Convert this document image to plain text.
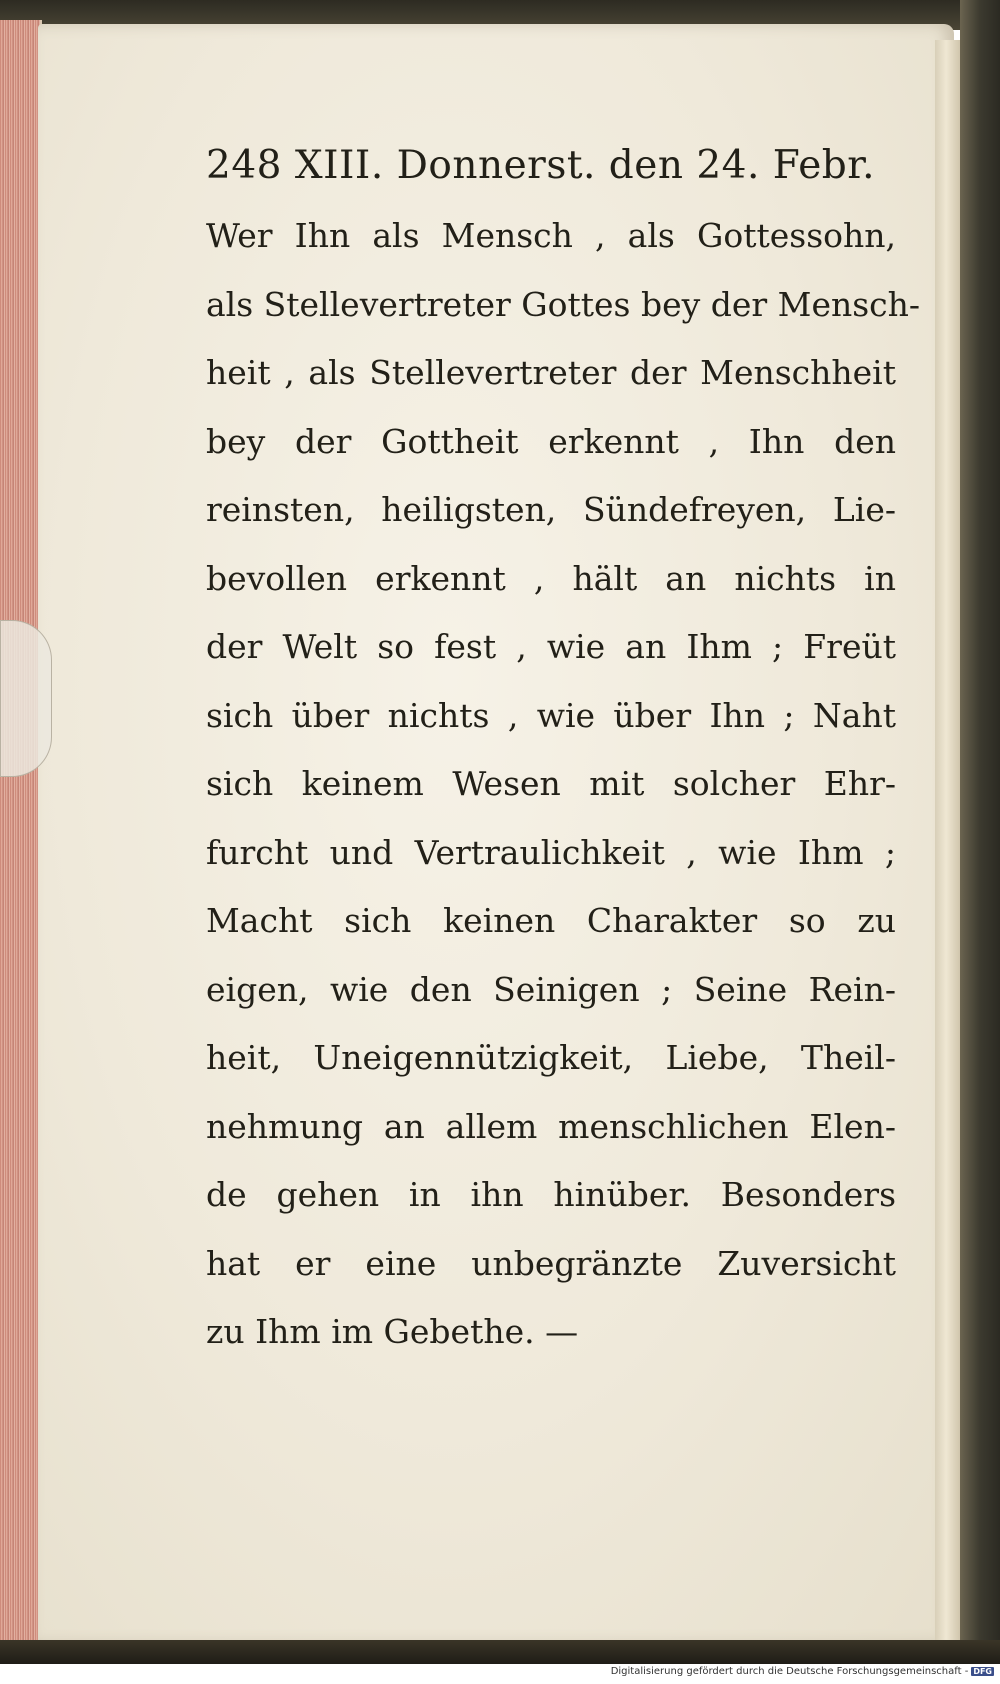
248 XIII. Donnerst. den 24. Febr.
Wer Ihn als Mensch , als Gottessohn,
als Stellevertreter Gottes bey der Mensch-
heit , als Stellevertreter der Menschheit
bey der Gottheit erkennt , Ihn den
reinsten, heiligsten, Sündefreyen, Lie-
bevollen erkennt , hält an nichts in
der Welt so fest , wie an Ihm ; Freüt
sich über nichts , wie über Ihn ; Naht
sich keinem Wesen mit solcher Ehr-
furcht und Vertraulichkeit , wie Ihm ;
Macht sich keinen Charakter so zu
eigen, wie den Seinigen ; Seine Rein-
heit, Uneigennützigkeit, Liebe, Theil-
nehmung an allem menschlichen Elen-
de gehen in ihn hinüber. Besonders
hat er eine unbegränzte Zuversicht
zu Ihm im Gebethe. —
Digitalisierung gefördert durch die Deutsche Forschungsgemeinschaft - DFG
